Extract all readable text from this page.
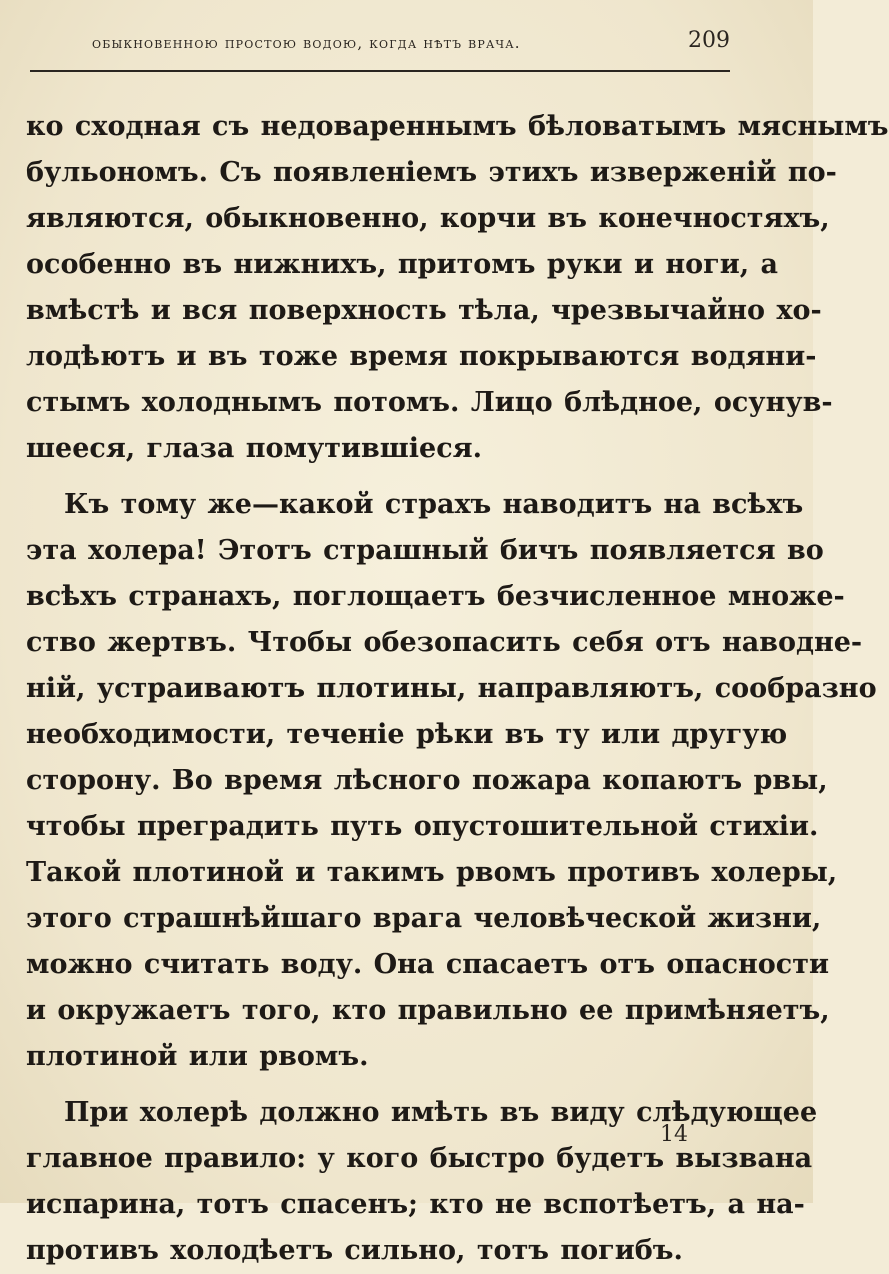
обыкновенною простою водою, когда нѣтъ врача.	209
ко сходная съ недовареннымъ бѣловатымъ мяснымъ
бульономъ. Съ появленіемъ этихъ изверженій по-
являются, обыкновенно, корчи въ конечностяхъ,
особенно въ нижнихъ, притомъ руки и ноги, а
вмѣстѣ и вся поверхность тѣла, чрезвычайно хо-
лодѣютъ и въ тоже время покрываются водяни-
стымъ холоднымъ потомъ. Лицо блѣдное, осунув-
шееся, глаза помутившіеся.
Къ тому же—какой страхъ наводитъ на всѣхъ
эта холера! Этотъ страшный бичъ появляется во
всѣхъ странахъ, поглощаетъ безчисленное множе-
ство жертвъ. Чтобы обезопасить себя отъ наводне-
ній, устраиваютъ плотины, направляютъ, сообразно
необходимости, теченіе рѣки въ ту или другую
сторону. Во время лѣсного пожара копаютъ рвы,
чтобы преградить путь опустошительной стихіи.
Такой плотиной и такимъ рвомъ противъ холеры,
этого страшнѣйшаго врага человѣческой жизни,
можно считать воду. Она спасаетъ отъ опасности
и окружаетъ того, кто правильно ее примѣняетъ,
плотиной или рвомъ.
При холерѣ должно имѣть въ виду слѣдующее
главное правило: у кого быстро будетъ вызвана
испарина, тотъ спасенъ; кто не вспотѣетъ, а на-
противъ холодѣетъ сильно, тотъ погибъ.
14
